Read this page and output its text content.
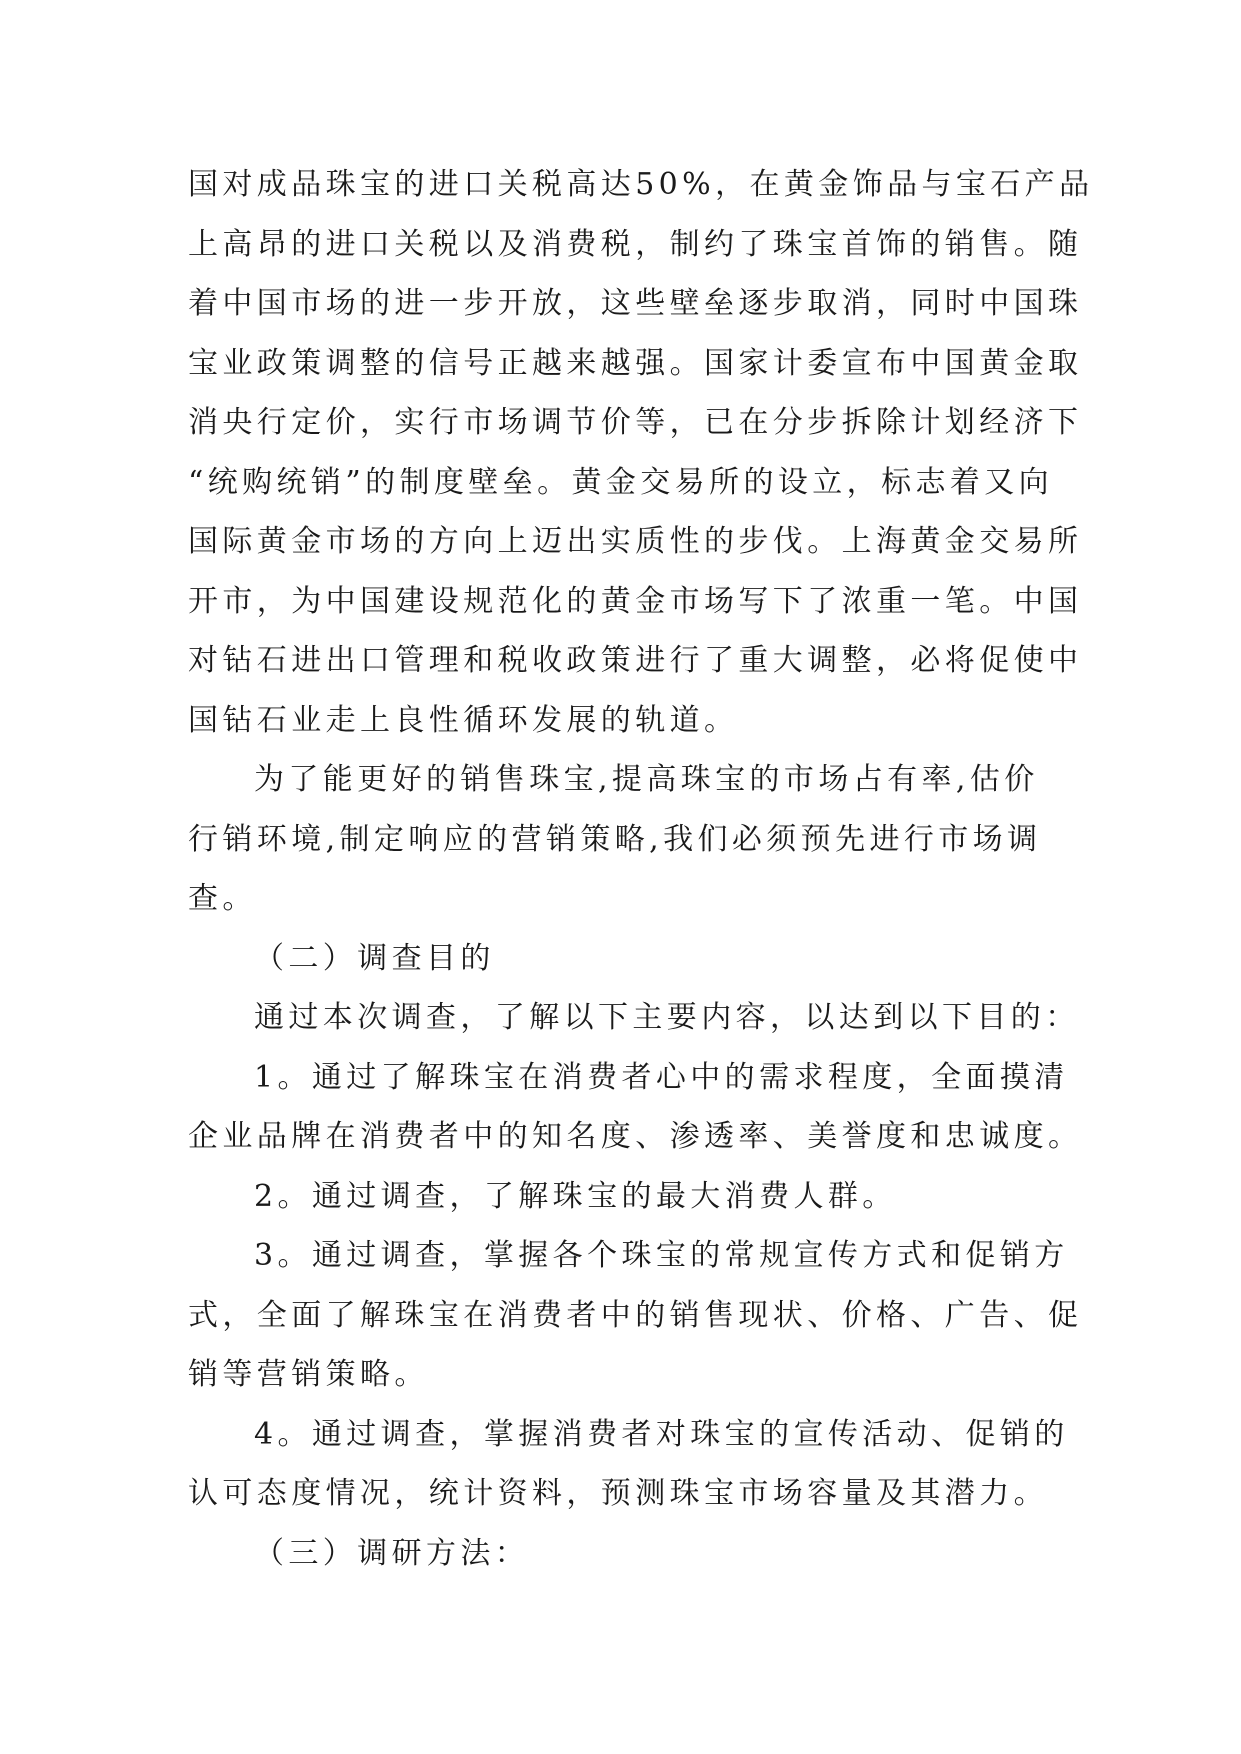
国对成品珠宝的进口关税高达50%，在黄金饰品与宝石产品
上高昂的进口关税以及消费税，制约了珠宝首饰的销售。随
着中国市场的进一步开放，这些壁垒逐步取消，同时中国珠
宝业政策调整的信号正越来越强。国家计委宣布中国黄金取
消央行定价，实行市场调节价等，已在分步拆除计划经济下
“统购统销”的制度壁垒。黄金交易所的设立，标志着又向
国际黄金市场的方向上迈出实质性的步伐。上海黄金交易所
开市，为中国建设规范化的黄金市场写下了浓重一笔。中国
对钻石进出口管理和税收政策进行了重大调整，必将促使中
国钻石业走上良性循环发展的轨道。
为了能更好的销售珠宝,提高珠宝的市场占有率,估价
行销环境,制定响应的营销策略,我们必须预先进行市场调
查。
（二）调查目的
通过本次调查，了解以下主要内容，以达到以下目的：
1。通过了解珠宝在消费者心中的需求程度，全面摸清
企业品牌在消费者中的知名度、渗透率、美誉度和忠诚度。
2。通过调查，了解珠宝的最大消费人群。
3。通过调查，掌握各个珠宝的常规宣传方式和促销方
式，全面了解珠宝在消费者中的销售现状、价格、广告、促
销等营销策略。
4。通过调查，掌握消费者对珠宝的宣传活动、促销的
认可态度情况，统计资料，预测珠宝市场容量及其潜力。
（三）调研方法：
